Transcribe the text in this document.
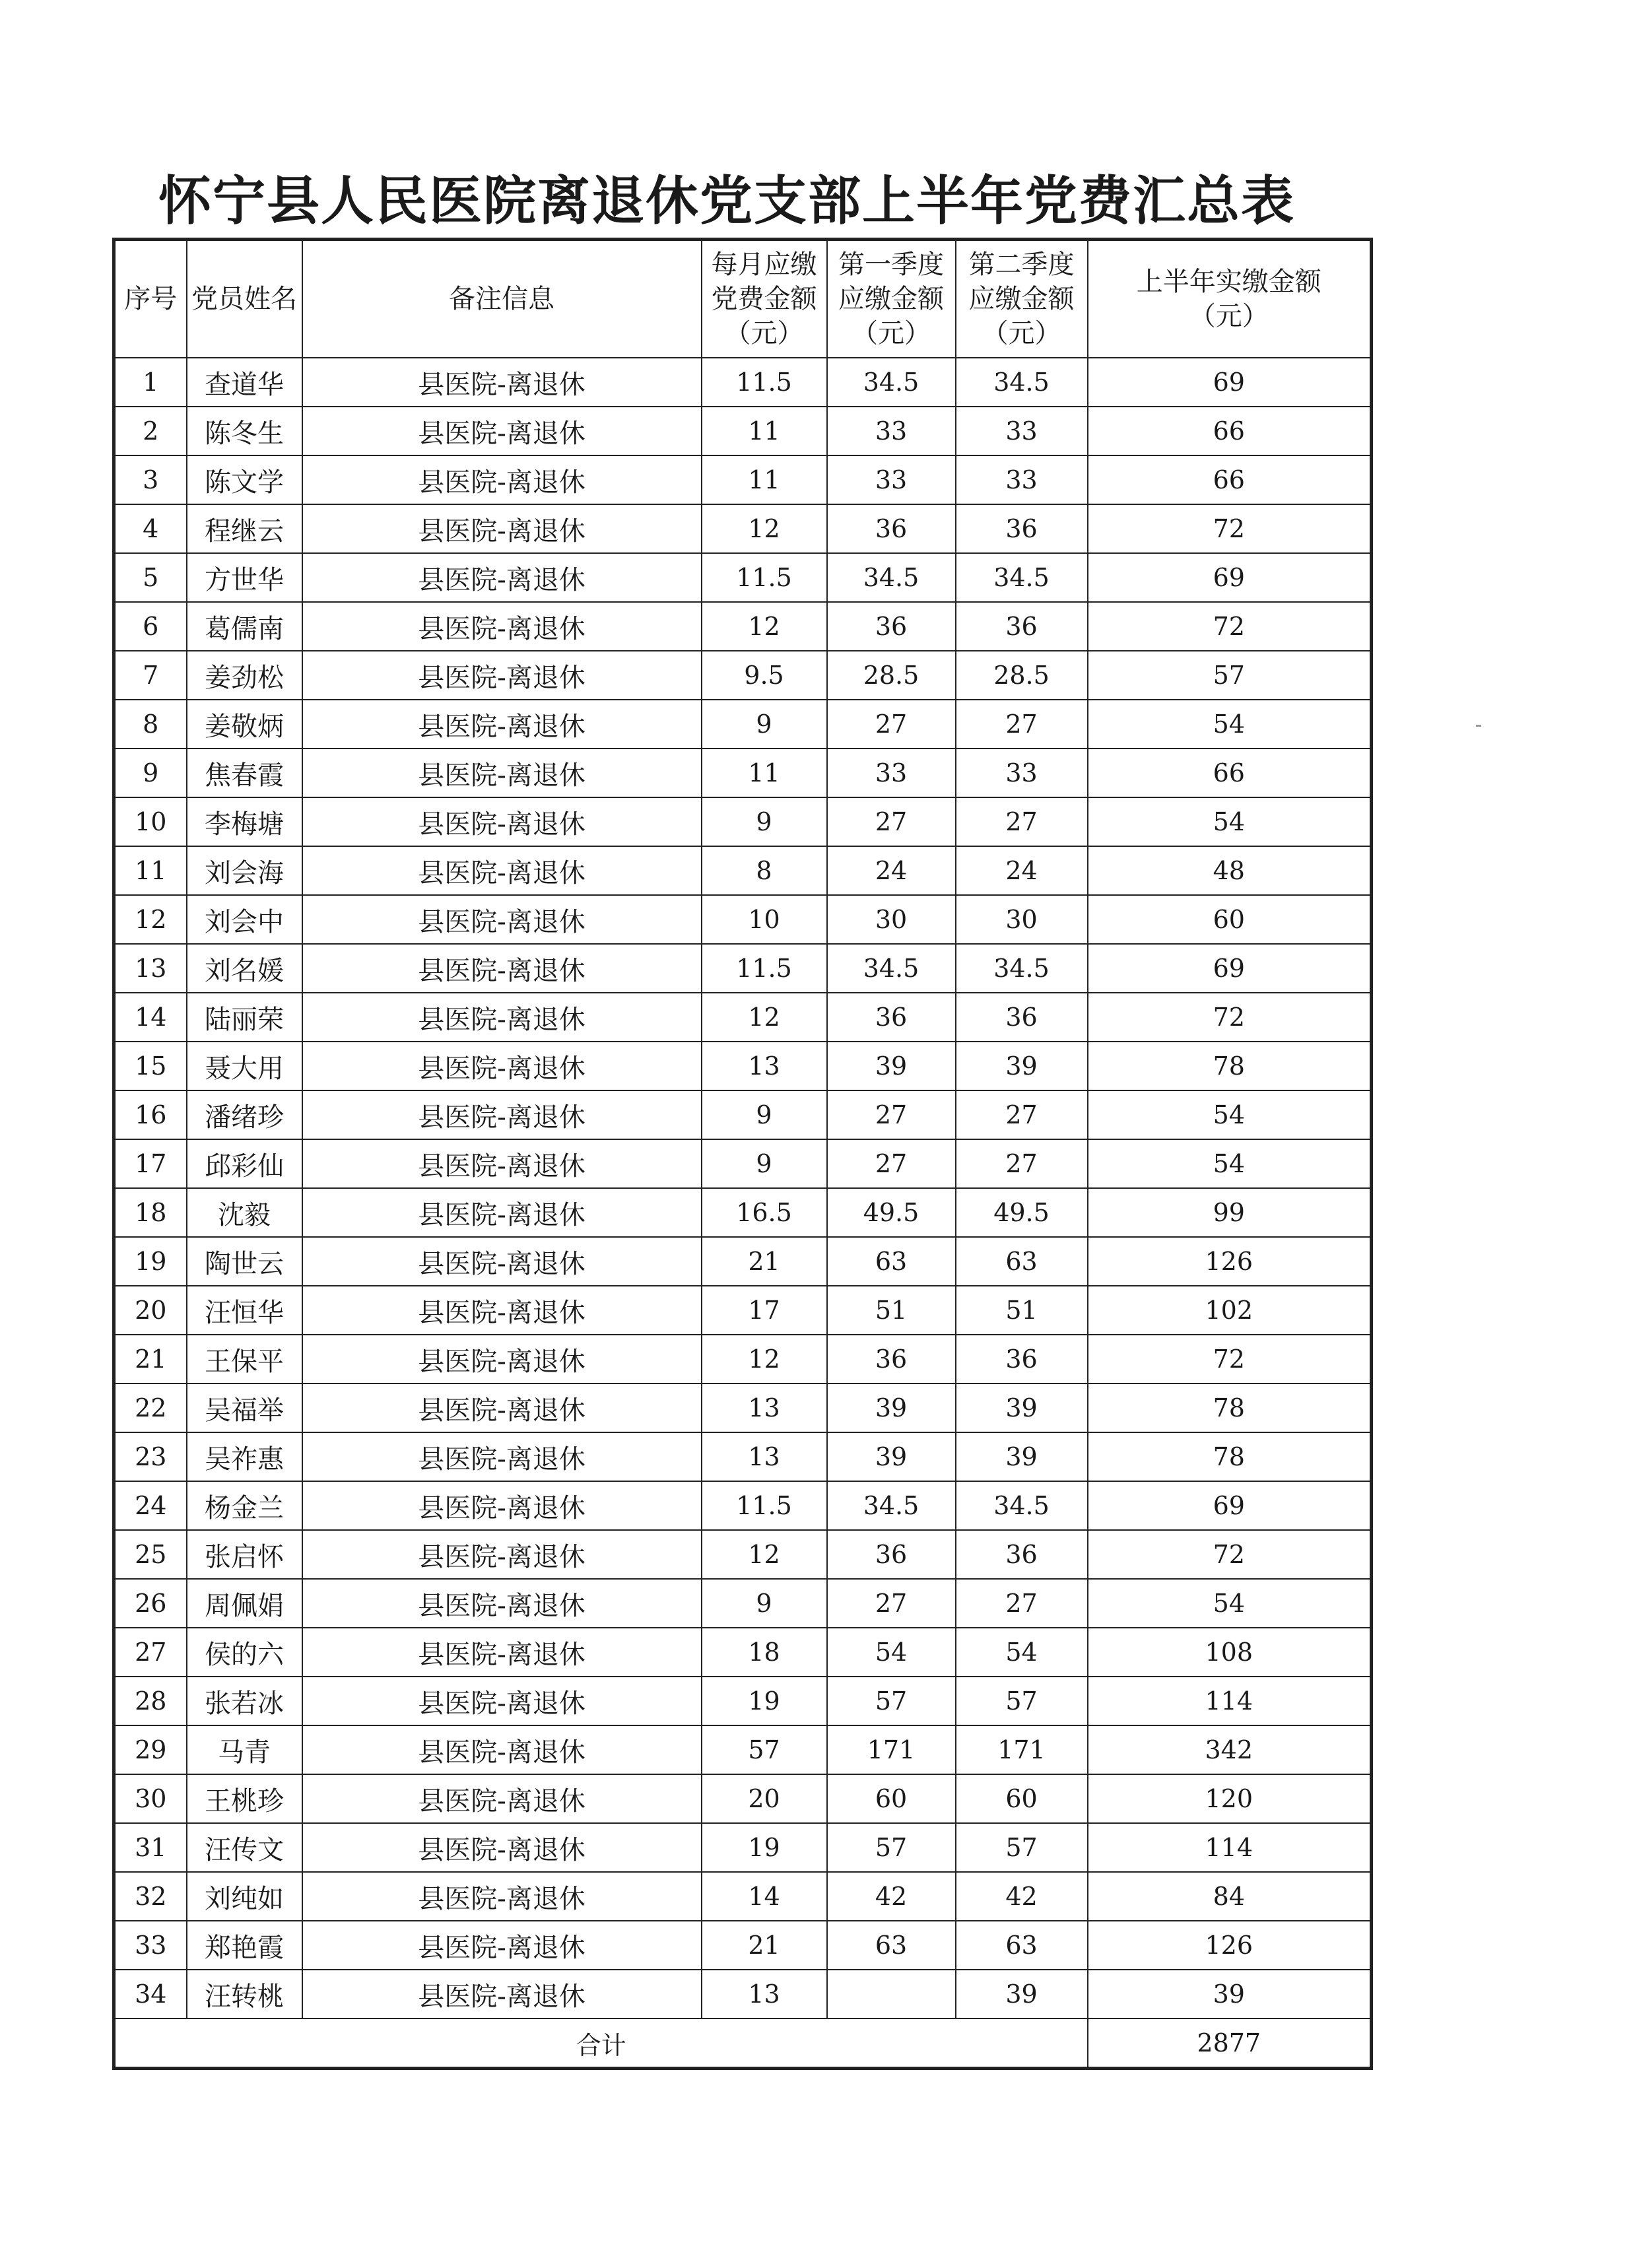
怀宁县人民医院离退休党支部上半年党费汇总表
序号	党员姓名	备注信息	每月应缴
党费金额
（元）	第一季度
应缴金额
（元）	第二季度
应缴金额
（元）	上半年实缴金额
（元）

1	查道华	县医院-离退休	11.5	34.5	34.5	69
2	陈冬生	县医院-离退休	11	33	33	66
3	陈文学	县医院-离退休	11	33	33	66
4	程继云	县医院-离退休	12	36	36	72
5	方世华	县医院-离退休	11.5	34.5	34.5	69
6	葛儒南	县医院-离退休	12	36	36	72
7	姜劲松	县医院-离退休	9.5	28.5	28.5	57
8	姜敬炳	县医院-离退休	9	27	27	54
9	焦春霞	县医院-离退休	11	33	33	66
10	李梅塘	县医院-离退休	9	27	27	54
11	刘会海	县医院-离退休	8	24	24	48
12	刘会中	县医院-离退休	10	30	30	60
13	刘名媛	县医院-离退休	11.5	34.5	34.5	69
14	陆丽荣	县医院-离退休	12	36	36	72
15	聂大用	县医院-离退休	13	39	39	78
16	潘绪珍	县医院-离退休	9	27	27	54
17	邱彩仙	县医院-离退休	9	27	27	54
18	沈毅	县医院-离退休	16.5	49.5	49.5	99
19	陶世云	县医院-离退休	21	63	63	126
20	汪恒华	县医院-离退休	17	51	51	102
21	王保平	县医院-离退休	12	36	36	72
22	吴福举	县医院-离退休	13	39	39	78
23	吴祚惠	县医院-离退休	13	39	39	78
24	杨金兰	县医院-离退休	11.5	34.5	34.5	69
25	张启怀	县医院-离退休	12	36	36	72
26	周佩娟	县医院-离退休	9	27	27	54
27	侯的六	县医院-离退休	18	54	54	108
28	张若冰	县医院-离退休	19	57	57	114
29	马青	县医院-离退休	57	171	171	342
30	王桃珍	县医院-离退休	20	60	60	120
31	汪传文	县医院-离退休	19	57	57	114
32	刘纯如	县医院-离退休	14	42	42	84
33	郑艳霞	县医院-离退休	21	63	63	126
34	汪转桃	县医院-离退休	13		39	39
合计						2877
